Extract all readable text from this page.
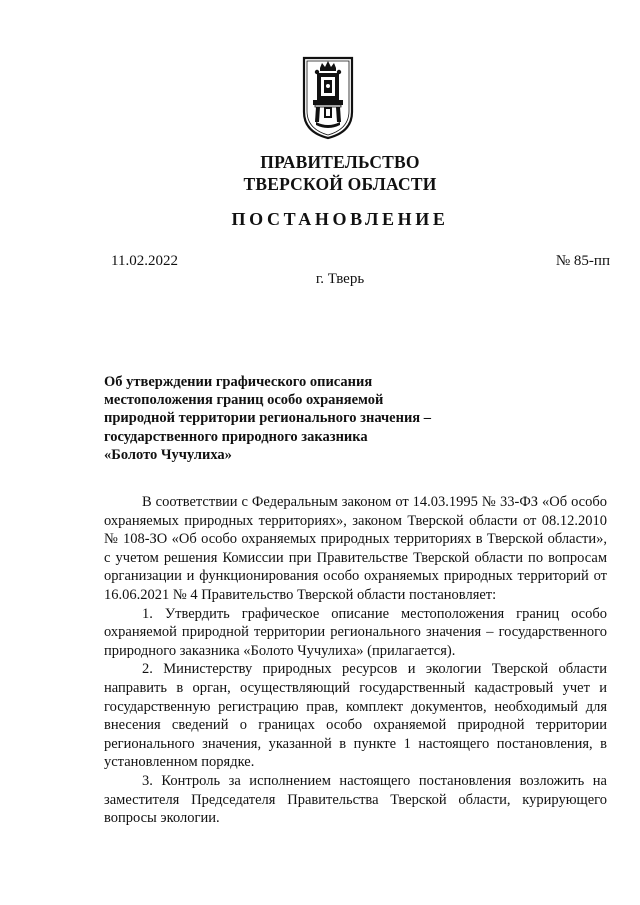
ПРАВИТЕЛЬСТВО
ТВЕРСКОЙ ОБЛАСТИ
ПОСТАНОВЛЕНИЕ
11.02.2022	№ 85-пп
г. Тверь
Об утверждении графического описания
местоположения границ особо охраняемой
природной территории регионального значения –
государственного природного заказника
«Болото Чучулиха»

В соответствии с Федеральным законом от 14.03.1995 № 33-ФЗ «Об особо охраняемых природных территориях», законом Тверской области от 08.12.2010 № 108-ЗО «Об особо охраняемых природных территориях в Тверской области», с учетом решения Комиссии при Правительстве Тверской области по вопросам организации и функционирования особо охраняемых природных территорий от 16.06.2021 № 4 Правительство Тверской области постановляет:

1. Утвердить графическое описание местоположения границ особо охраняемой природной территории регионального значения – государственного природного заказника «Болото Чучулиха» (прилагается).

2. Министерству природных ресурсов и экологии Тверской области направить в орган, осуществляющий государственный кадастровый учет и государственную регистрацию прав, комплект документов, необходимый для внесения сведений о границах особо охраняемой природной территории регионального значения, указанной в пункте 1 настоящего постановления, в установленном порядке.

3. Контроль за исполнением настоящего постановления возложить на заместителя Председателя Правительства Тверской области, курирующего вопросы экологии.
